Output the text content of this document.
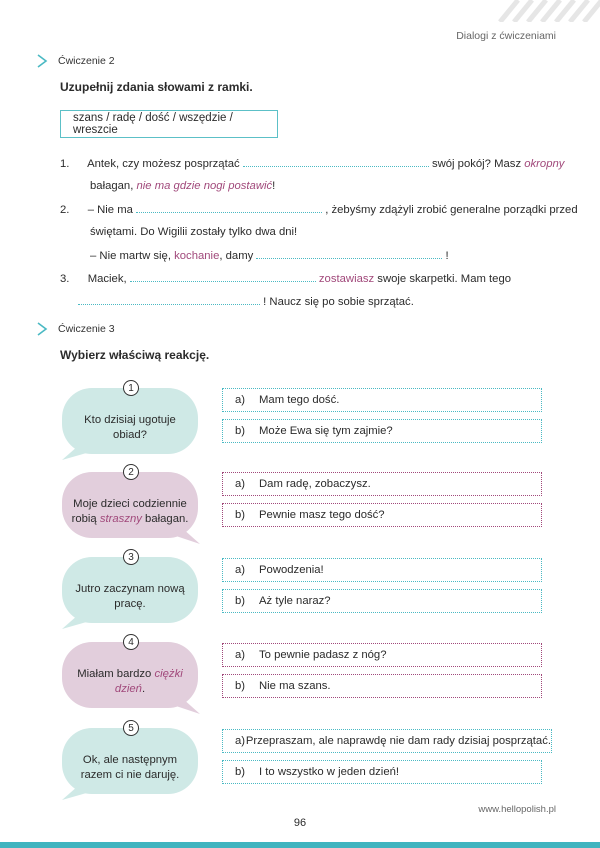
Dialogi z ćwiczeniami
Ćwiczenie 2
Uzupełnij zdania słowami z ramki.
szans / radę / dość / wszędzie / wreszcie
1. Antek, czy możesz posprzątać	swój pokój? Masz okropny
bałagan, nie ma gdzie nogi postawić!
2. – Nie ma	, żebyśmy zdążyli zrobić generalne porządki przed
świętami. Do Wigilii zostały tylko dwa dni!
– Nie martw się, kochanie, damy	!
3. Maciek,	zostawiasz swoje skarpetki. Mam tego
! Naucz się po sobie sprzątać.
Ćwiczenie 3
Wybierz właściwą reakcję.
1
Kto dzisiaj ugotuje obiad?
a)	Mam tego dość.
b)	Może Ewa się tym zajmie?
2
Moje dzieci codziennie robią straszny bałagan.
a)	Dam radę, zobaczysz.
b)	Pewnie masz tego dość?
3
Jutro zaczynam nową pracę.
a)	Powodzenia!
b)	Aż tyle naraz?
4
Miałam bardzo ciężki dzień.
a)	To pewnie padasz z nóg?
b)	Nie ma szans.
5
Ok, ale następnym razem ci nie daruję.
a) Przepraszam, ale naprawdę nie dam rady dzisiaj posprzątać.
b)	I to wszystko w jeden dzień!
www.hellopolish.pl
96
